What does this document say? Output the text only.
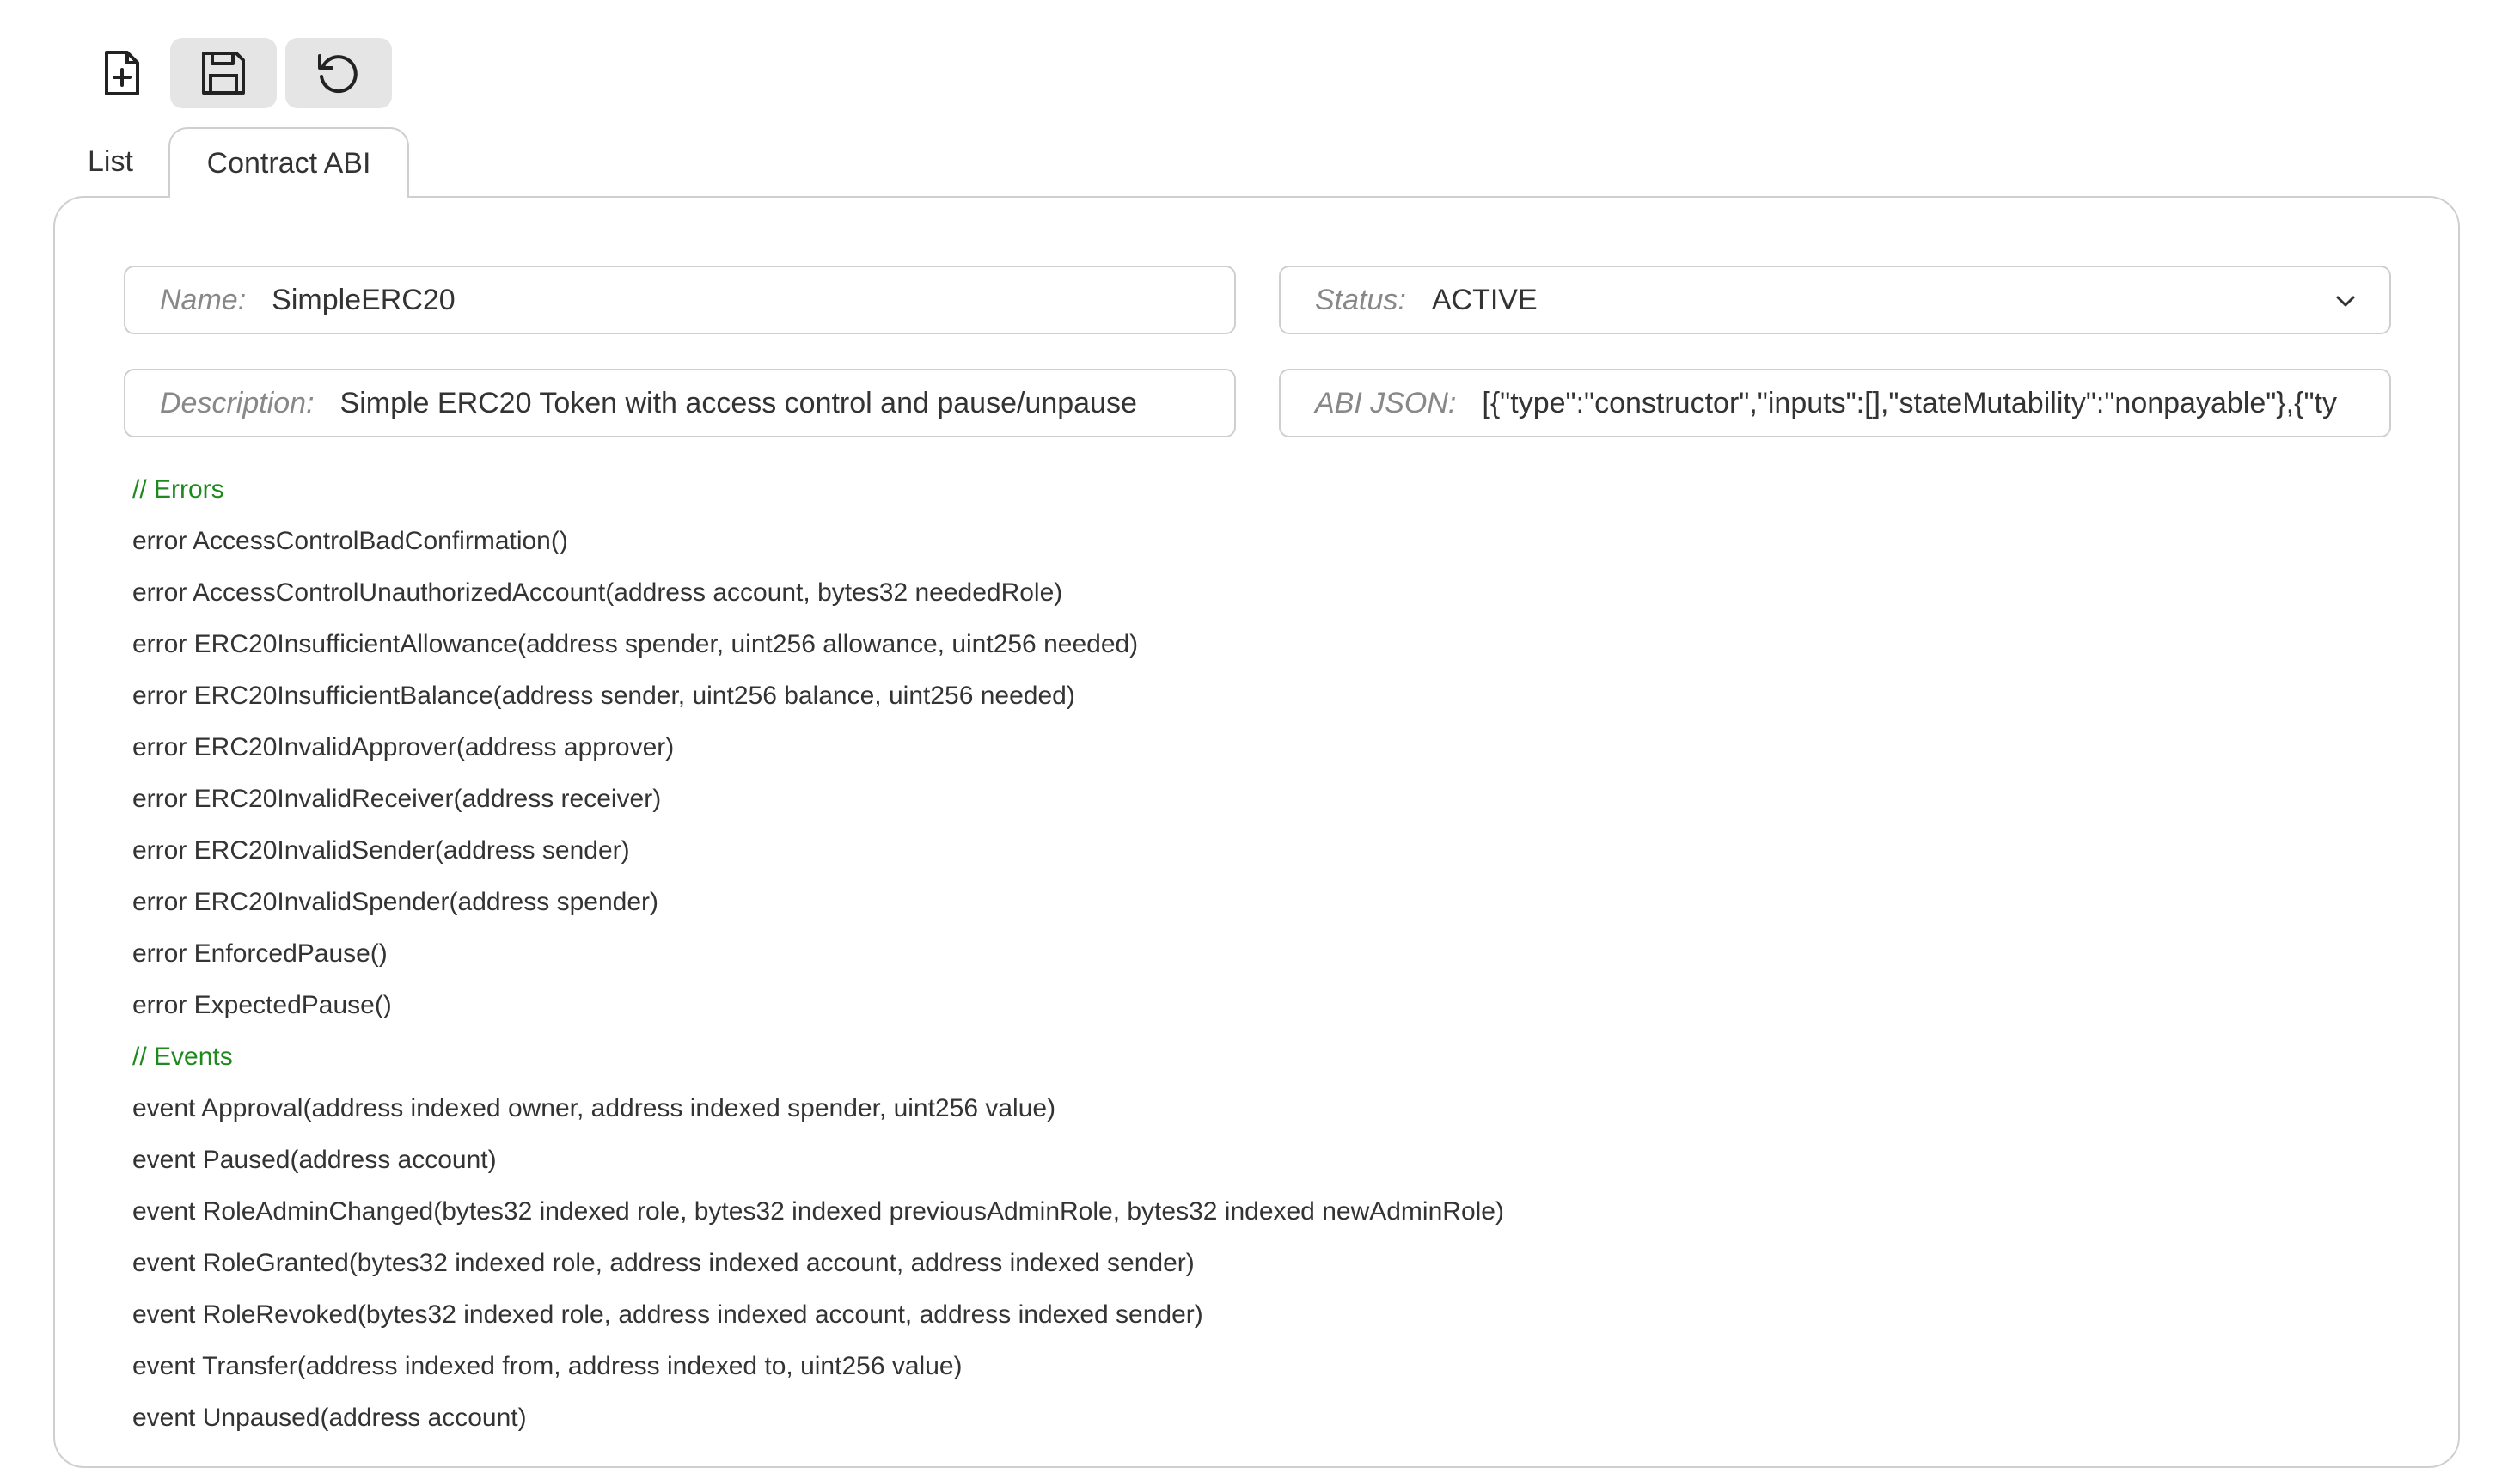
List	Contract ABI
Name: SimpleERC20	Status: ACTIVE
Description: Simple ERC20 Token with access control and pause/unpause	ABI JSON: [{"type":"constructor","inputs":[],"stateMutability":"nonpayable"},{"ty
// Errors
error AccessControlBadConfirmation()
error AccessControlUnauthorizedAccount(address account, bytes32 neededRole)
error ERC20InsufficientAllowance(address spender, uint256 allowance, uint256 needed)
error ERC20InsufficientBalance(address sender, uint256 balance, uint256 needed)
error ERC20InvalidApprover(address approver)
error ERC20InvalidReceiver(address receiver)
error ERC20InvalidSender(address sender)
error ERC20InvalidSpender(address spender)
error EnforcedPause()
error ExpectedPause()
// Events
event Approval(address indexed owner, address indexed spender, uint256 value)
event Paused(address account)
event RoleAdminChanged(bytes32 indexed role, bytes32 indexed previousAdminRole, bytes32 indexed newAdminRole)
event RoleGranted(bytes32 indexed role, address indexed account, address indexed sender)
event RoleRevoked(bytes32 indexed role, address indexed account, address indexed sender)
event Transfer(address indexed from, address indexed to, uint256 value)
event Unpaused(address account)
